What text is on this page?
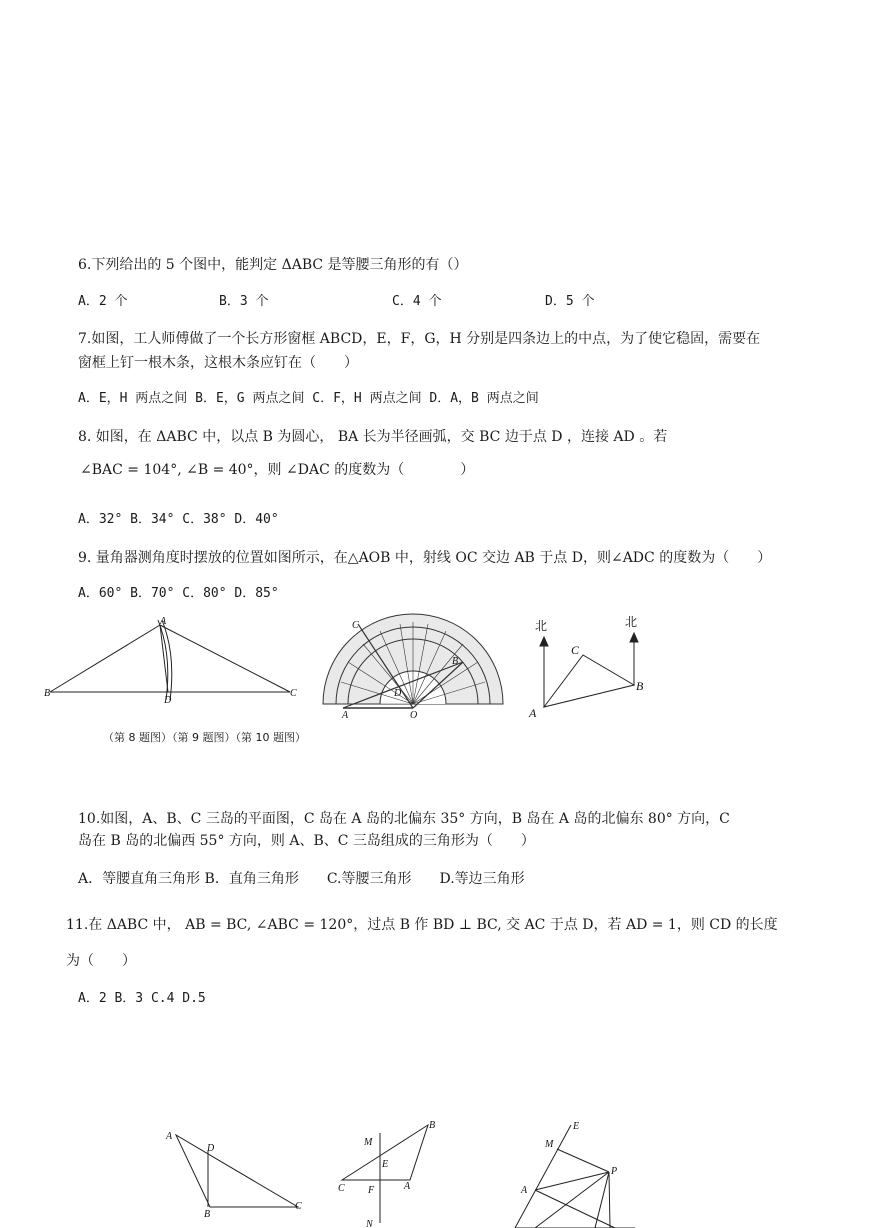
6.下列给出的 5 个图中，能判定 ΔABC 是等腰三角形的有（）
A．2 个	B．3 个	C．4 个	D．5 个
7.如图，工人师傅做了一个长方形窗框 ABCD，E，F，G，H 分别是四条边上的中点，为了使它稳固，需要在
窗框上钉一根木条，这根木条应钉在（　　）
A．E，H 两点之间 B．E，G 两点之间 C．F，H 两点之间 D．A，B 两点之间
8. 如图，在 ΔABC 中，以点 B 为圆心， BA 长为半径画弧，交 BC 边于点 D ，连接 AD 。若
∠BAC = 104°, ∠B = 40°，则 ∠DAC 的度数为（　　　　）
A．32° B．34° C．38° D．40°
9. 量角器测角度时摆放的位置如图所示，在△AOB 中，射线 OC 交边 AB 于点 D，则∠ADC 的度数为（　　）
A．60° B．70° C．80° D．85°
A
B
D
C
C
B
D
A	O
北	北
C
B
A
（第 8 题图）（第 9 题图）（第 10 题图）
10.如图，A、B、C 三岛的平面图，C 岛在 A 岛的北偏东 35° 方向，B 岛在 A 岛的北偏东 80° 方向，C
岛在 B 岛的北偏西 55° 方向，则 A、B、C 三岛组成的三角形为（　　）
A．等腰直角三角形 B．直角三角形　　C.等腰三角形　　D.等边三角形
11.在 ΔABC 中， AB = BC, ∠ABC = 120°，过点 B 作 BD ⊥ BC, 交 AC 于点 D，若 AD = 1，则 CD 的长度
为（　　）
A．2 B．3 C.4 D.5
A
D
B
C
M
B
E
C F	A
N
M
E
A
P
